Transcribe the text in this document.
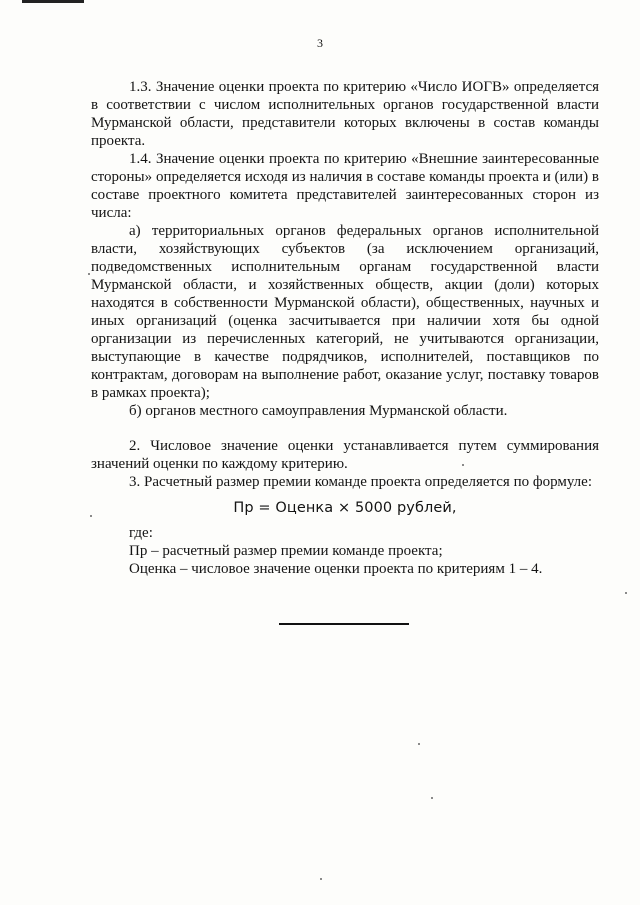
3

1.3. Значение оценки проекта по критерию «Число ИОГВ» определяется в соответствии с числом исполнительных органов государственной власти Мурманской области, представители которых включены в состав команды проекта.

1.4. Значение оценки проекта по критерию «Внешние заинтересованные стороны» определяется исходя из наличия в составе команды проекта и (или) в составе проектного комитета представителей заинтересованных сторон из числа:

а) территориальных органов федеральных органов исполнительной власти, хозяйствующих субъектов (за исключением организаций, подведомственных исполнительным органам государственной власти Мурманской области, и хозяйственных обществ, акции (доли) которых находятся в собственности Мурманской области), общественных, научных и иных организаций (оценка засчитывается при наличии хотя бы одной организации из перечисленных категорий, не учитываются организации, выступающие в качестве подрядчиков, исполнителей, поставщиков по контрактам, договорам на выполнение работ, оказание услуг, поставку товаров в рамках проекта);

б) органов местного самоуправления Мурманской области.

2. Числовое значение оценки устанавливается путем суммирования значений оценки по каждому критерию.

3. Расчетный размер премии команде проекта определяется по формуле:

Пр = Оценка × 5000 рублей,

где:

Пр – расчетный размер премии команде проекта;

Оценка – числовое значение оценки проекта по критериям 1 – 4.
